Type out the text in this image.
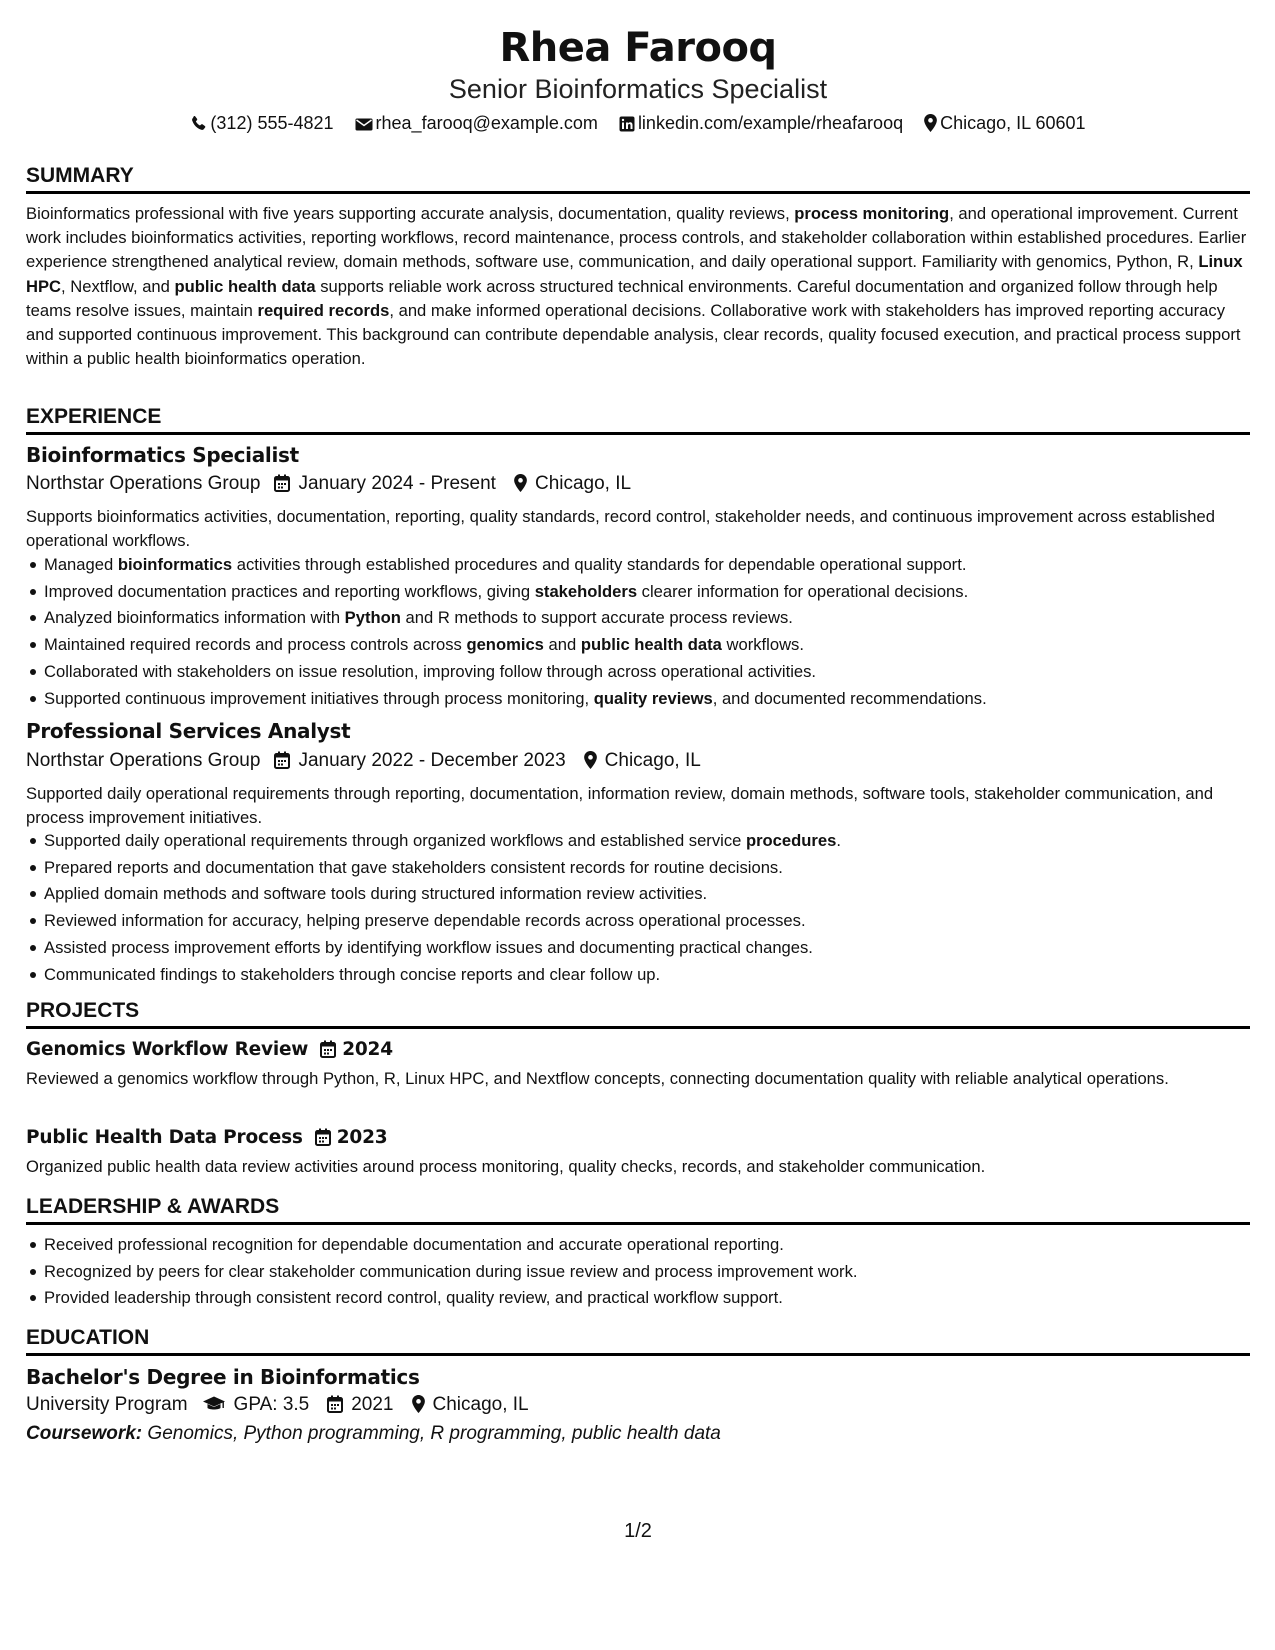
Rhea Farooq
Senior Bioinformatics Specialist
(312) 555-4821 rhea_farooq@example.com linkedin.com/example/rheafarooq Chicago, IL 60601
SUMMARY

Bioinformatics professional with five years supporting accurate analysis, documentation, quality reviews, process monitoring, and operational improvement. Current work includes bioinformatics activities, reporting workflows, record maintenance, process controls, and stakeholder collaboration within established procedures. Earlier experience strengthened analytical review, domain methods, software use, communication, and daily operational support. Familiarity with genomics, Python, R, Linux HPC, Nextflow, and public health data supports reliable work across structured technical environments. Careful documentation and organized follow through help teams resolve issues, maintain required records, and make informed operational decisions. Collaborative work with stakeholders has improved reporting accuracy and supported continuous improvement. This background can contribute dependable analysis, clear records, quality focused execution, and practical process support within a public health bioinformatics operation.

EXPERIENCE
Bioinformatics Specialist
Northstar Operations Group January 2024 - Present Chicago, IL

Supports bioinformatics activities, documentation, reporting, quality standards, record control, stakeholder needs, and continuous improvement across established operational workflows.

Managed bioinformatics activities through established procedures and quality standards for dependable operational support.
Improved documentation practices and reporting workflows, giving stakeholders clearer information for operational decisions.
Analyzed bioinformatics information with Python and R methods to support accurate process reviews.
Maintained required records and process controls across genomics and public health data workflows.
Collaborated with stakeholders on issue resolution, improving follow through across operational activities.
Supported continuous improvement initiatives through process monitoring, quality reviews, and documented recommendations.
Professional Services Analyst
Northstar Operations Group January 2022 - December 2023 Chicago, IL

Supported daily operational requirements through reporting, documentation, information review, domain methods, software tools, stakeholder communication, and process improvement initiatives.

Supported daily operational requirements through organized workflows and established service procedures.
Prepared reports and documentation that gave stakeholders consistent records for routine decisions.
Applied domain methods and software tools during structured information review activities.
Reviewed information for accuracy, helping preserve dependable records across operational processes.
Assisted process improvement efforts by identifying workflow issues and documenting practical changes.
Communicated findings to stakeholders through concise reports and clear follow up.
PROJECTS
Genomics Workflow Review 2024

Reviewed a genomics workflow through Python, R, Linux HPC, and Nextflow concepts, connecting documentation quality with reliable analytical operations.

Public Health Data Process 2023

Organized public health data review activities around process monitoring, quality checks, records, and stakeholder communication.

LEADERSHIP & AWARDS
Received professional recognition for dependable documentation and accurate operational reporting.
Recognized by peers for clear stakeholder communication during issue review and process improvement work.
Provided leadership through consistent record control, quality review, and practical workflow support.
EDUCATION
Bachelor's Degree in Bioinformatics
University Program GPA: 3.5 2021 Chicago, IL
Coursework: Genomics, Python programming, R programming, public health data
1/2
